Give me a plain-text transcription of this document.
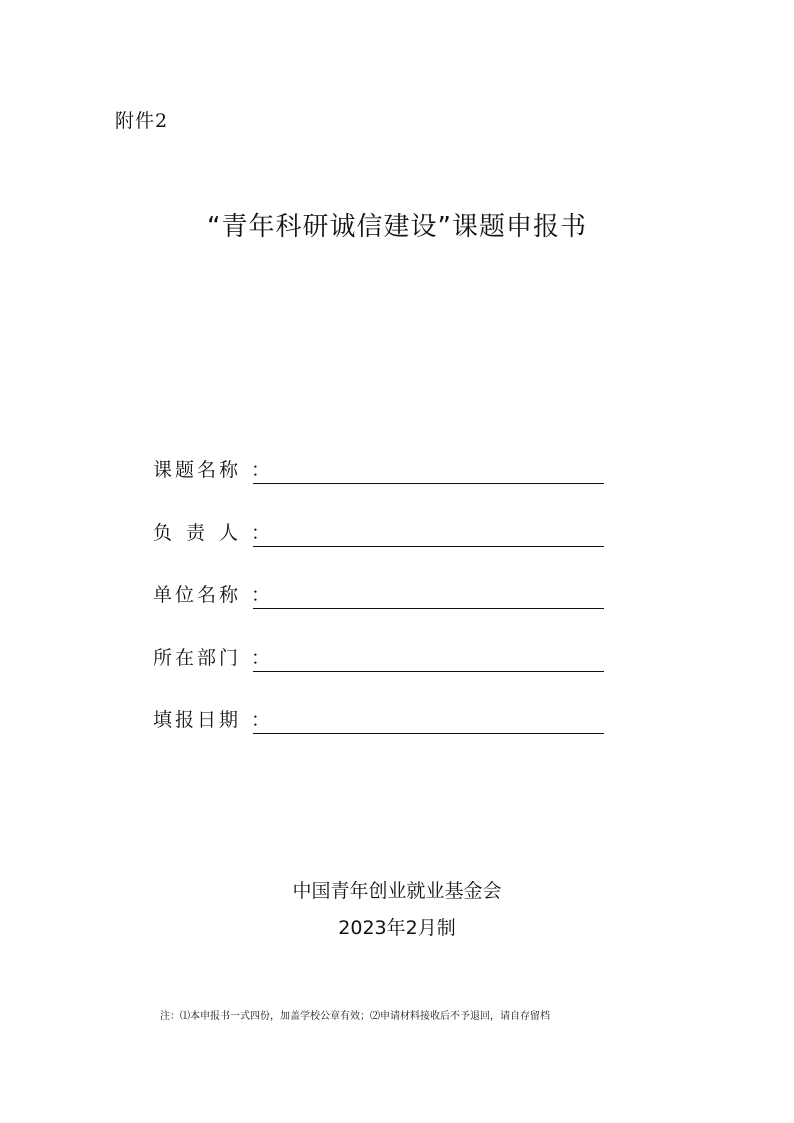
附件2
“青年科研诚信建设”课题申报书
课题名称 ：
负责人
：
单位名称 ：
所在部门 ：
填报日期 ：
中国青年创业就业基金会
2023年2月制
注：⑴本申报书一式四份，加盖学校公章有效；⑵申请材料接收后不予退回，请自存留档
